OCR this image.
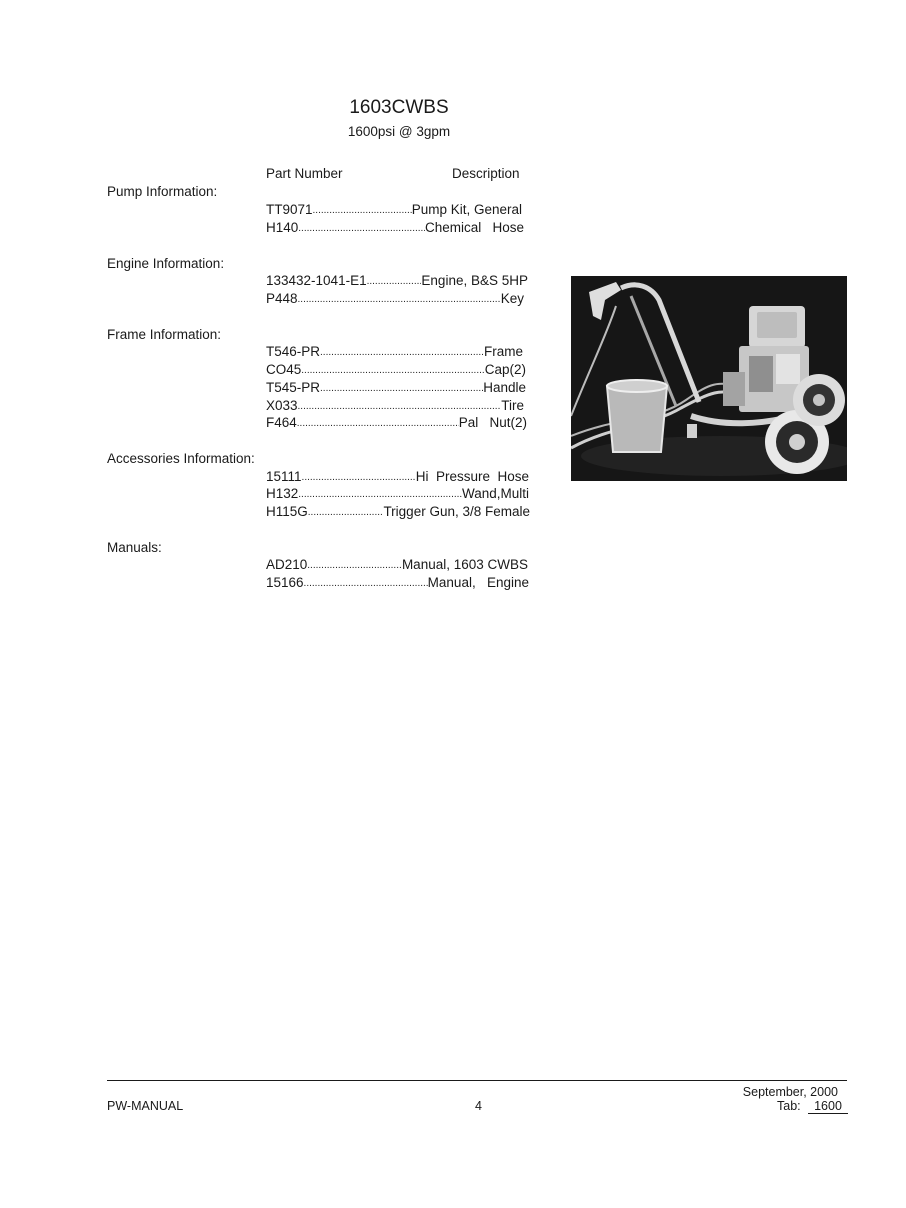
1603CWBS
1600psi @ 3gpm
Part Number	Description
Pump Information:
TT9071 .....	Pump Kit, General
H140 .....	Chemical   Hose
Engine Information:
133432-1041-E1 .....	Engine, B&S 5HP
P448 .....	Key
Frame Information:
T546-PR .....	Frame
CO45 .....	Cap(2)
T545-PR .....	Handle
X033 .....	Tire
F464 .....	Pal   Nut(2)
Accessories Information:
15111 .....	Hi  Pressure  Hose
H132 .....	Wand,Multi
H115G .....	Trigger Gun, 3/8 Female
Manuals:
AD210 .....	Manual, 1603 CWBS
15166 .....	Manual,   Engine
PW-MANUAL	4
September, 2000
Tab:	1600
